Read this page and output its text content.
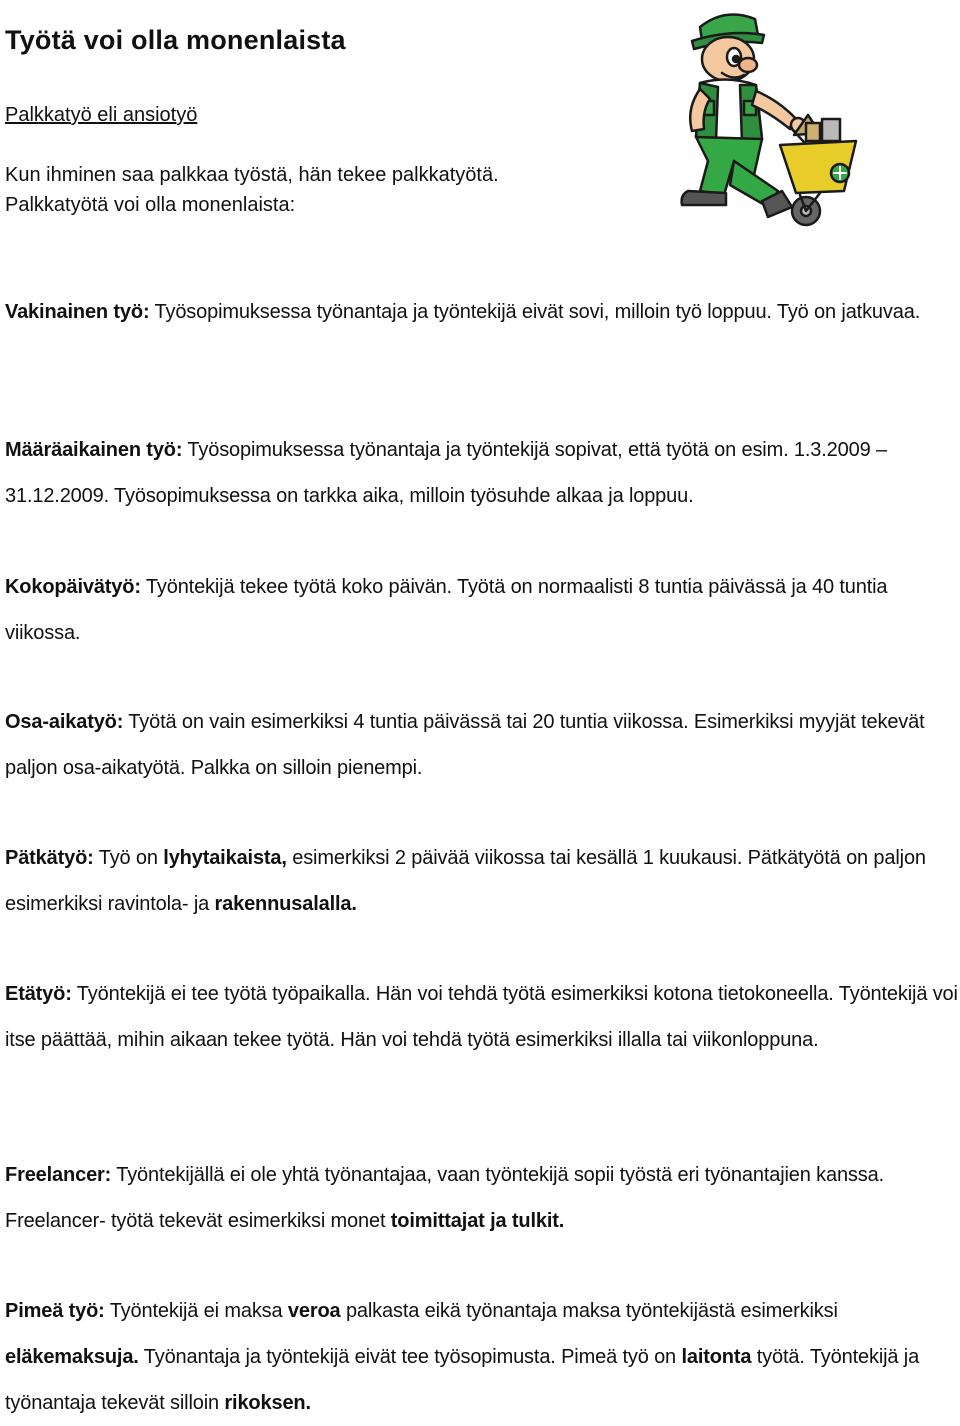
Työtä voi olla monenlaista
Palkkatyö eli ansiotyö

Kun ihminen saa palkkaa työstä, hän tekee palkkatyötä.
Palkkatyötä voi olla monenlaista:

Vakinainen työ: Työsopimuksessa työnantaja ja työntekijä eivät sovi, milloin työ loppuu. Työ on jatkuvaa.

Määräaikainen työ: Työsopimuksessa työnantaja ja työntekijä sopivat, että työtä on esim. 1.3.2009 – 31.12.2009. Työsopimuksessa on tarkka aika, milloin työsuhde alkaa ja loppuu.

Kokopäivätyö: Työntekijä tekee työtä koko päivän. Työtä on normaalisti 8 tuntia päivässä ja 40 tuntia viikossa.

Osa-aikatyö: Työtä on vain esimerkiksi 4 tuntia päivässä tai 20 tuntia viikossa. Esimerkiksi myyjät tekevät paljon osa-aikatyötä. Palkka on silloin pienempi.

Pätkätyö: Työ on lyhytaikaista, esimerkiksi 2 päivää viikossa tai kesällä 1 kuukausi. Pätkätyötä on paljon esimerkiksi ravintola- ja rakennusalalla.

Etätyö: Työntekijä ei tee työtä työpaikalla. Hän voi tehdä työtä esimerkiksi kotona tietokoneella. Työntekijä voi itse päättää, mihin aikaan tekee työtä. Hän voi tehdä työtä esimerkiksi illalla tai viikonloppuna.

Freelancer: Työntekijällä ei ole yhtä työnantajaa, vaan työntekijä sopii työstä eri työnantajien kanssa. Freelancer- työtä tekevät esimerkiksi monet toimittajat ja tulkit.

Pimeä työ: Työntekijä ei maksa veroa palkasta eikä työnantaja maksa työntekijästä esimerkiksi eläkemaksuja. Työnantaja ja työntekijä eivät tee työsopimusta. Pimeä työ on laitonta työtä. Työntekijä ja työnantaja tekevät silloin rikoksen.
